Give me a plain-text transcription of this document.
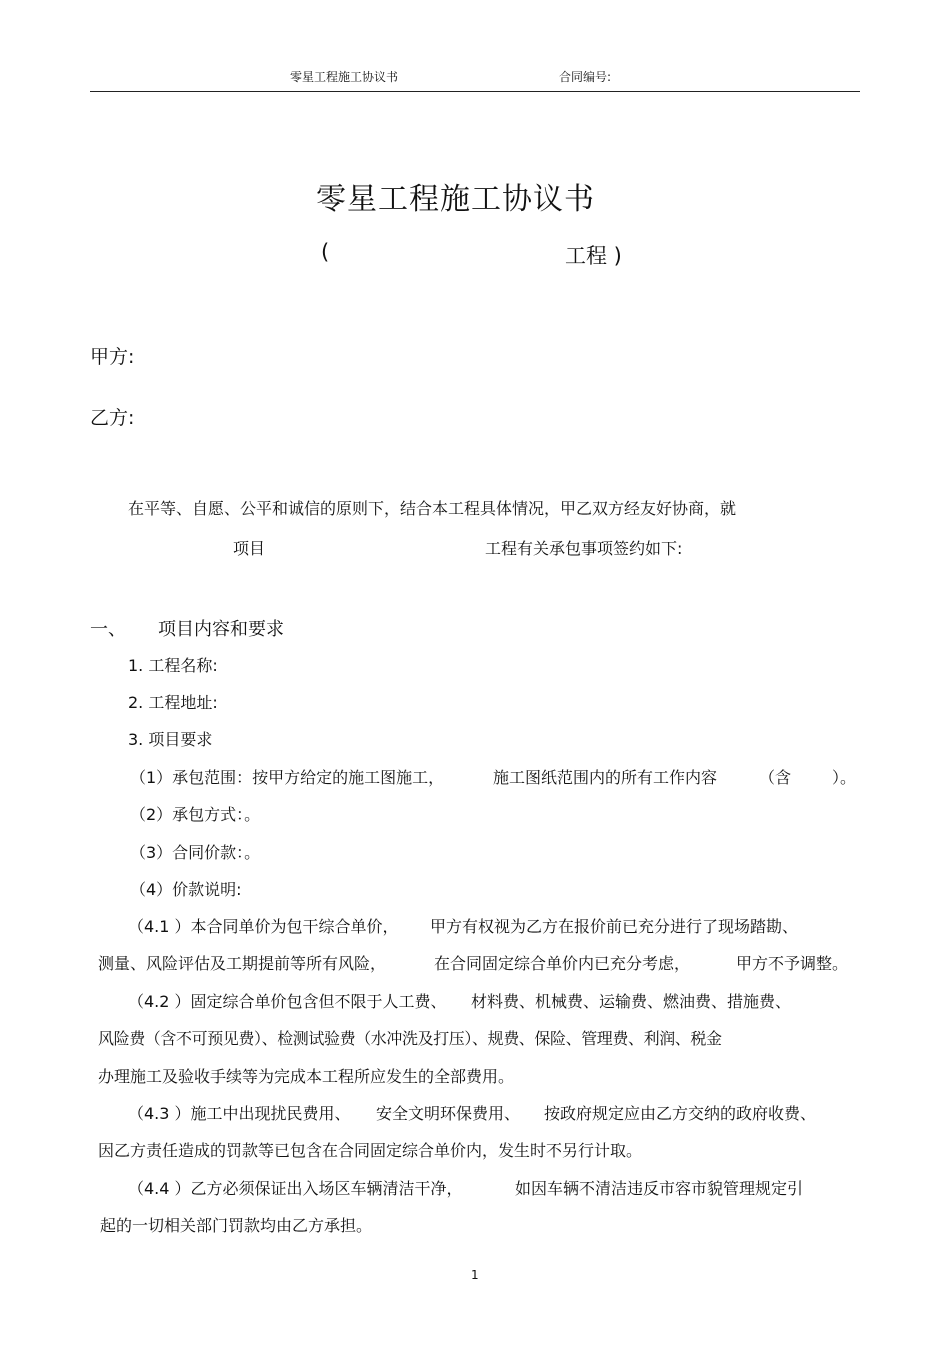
零星工程施工协议书	合同编号:
零星工程施工协议书
(	工程 )
甲方:
乙方:
在平等、自愿、公平和诚信的原则下，结合本工程具体情况，甲乙双方经友好协商，就
项目	工程有关承包事项签约如下:
一、 项目内容和要求
1. 工程名称:
2. 工程地址:
3. 项目要求
（1）承包范围：按甲方给定的施工图施工，	施工图纸范围内的所有工作内容	（含	）。
（2）承包方式：。
（3）合同价款：。
（4）价款说明:
（4.1 ）本合同单价为包干综合单价， 甲方有权视为乙方在报价前已充分进行了现场踏勘、
测量、风险评估及工期提前等所有风险，	在合同固定综合单价内已充分考虑，	甲方不予调整。
（4.2 ）固定综合单价包含但不限于人工费、 材料费、机械费、运输费、燃油费、措施费、
风险费（含不可预见费）、检测试验费（水冲洗及打压）、规费、保险、管理费、利润、税金
办理施工及验收手续等为完成本工程所应发生的全部费用。
（4.3 ）施工中出现扰民费用、 安全文明环保费用、 按政府规定应由乙方交纳的政府收费、
因乙方责任造成的罚款等已包含在合同固定综合单价内，发生时不另行计取。
（4.4 ）乙方必须保证出入场区车辆清洁干净，	如因车辆不清洁违反市容市貌管理规定引
起的一切相关部门罚款均由乙方承担。
1
